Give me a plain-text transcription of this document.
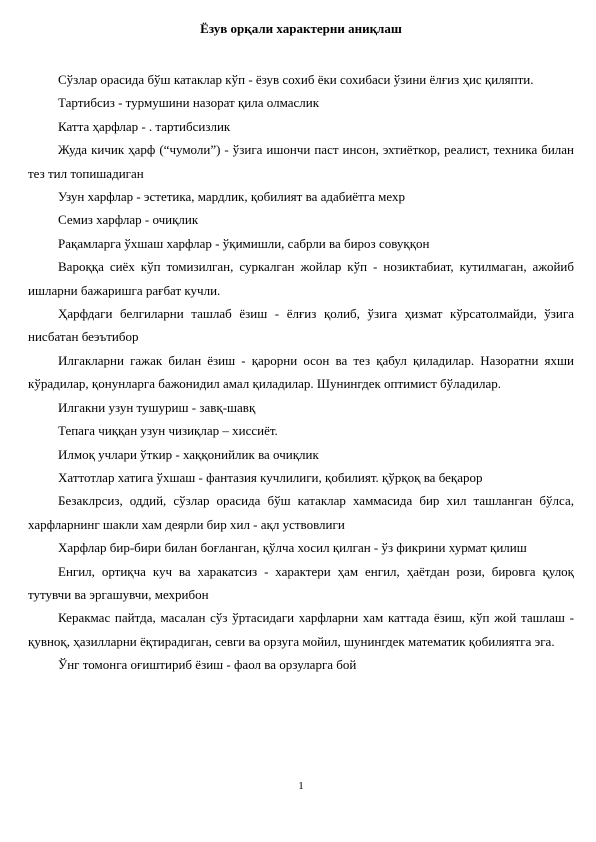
Ёзув орқали характерни аниқлаш

Сўзлар орасида бўш катаклар кўп - ёзув сохиб ёки сохибаси ўзини ёлғиз ҳис қиляпти.

Тартибсиз - турмушини назорат қила олмаслик

Катта ҳарфлар - . тартибсизлик

Жуда кичик ҳарф (“чумоли”) - ўзига ишончи паст инсон, эхтиёткор, реалист, техника билан тез тил топишадиган

Узун харфлар - эстетика, мардлик, қобилият ва адабиётга мехр

Семиз харфлар - очиқлик

Рақамларга ўхшаш харфлар - ўқимишли, сабрли ва бироз совуққон

Вароққа сиёх кўп томизилган, суркалган жойлар кўп - нозиктабиат, кутилмаган, ажойиб ишларни бажаришга рағбат кучли.

Ҳарфдаги белгиларни ташлаб ёзиш - ёлғиз қолиб, ўзига ҳизмат кўрсатолмайди, ўзига нисбатан беэътибор

Илгакларни гажак билан ёзиш - қарорни осон ва тез қабул қиладилар. Назоратни яхши кўрадилар, қонунларга бажонидил амал қиладилар. Шунингдек оптимист бўладилар.

Илгакни узун тушуриш - завқ-шавқ

Тепага чиққан узун чизиқлар – хиссиёт.

Илмоқ учлари ўткир - хаққонийлик ва очиқлик

Хаттотлар хатига ўхшаш - фантазия кучлилиги, қобилият. қўрқоқ ва беқарор

Безаклрсиз, оддий, сўзлар орасида бўш катаклар хаммасида бир хил ташланган бўлса, харфларнинг шакли хам деярли бир хил - ақл уствовлиги

Харфлар бир-бири билан боғланган, қўлча хосил қилган - ўз фикрини хурмат қилиш

Енгил, ортиқча куч ва харакатсиз - характери ҳам енгил, ҳаётдан рози, бировга қулоқ тутувчи ва эргашувчи, мехрибон

Керакмас пайтда, масалан сўз ўртасидаги харфларни хам каттада ёзиш, кўп жой ташлаш - қувноқ, ҳазилларни ёқтирадиган, севги ва орзуга мойил, шунингдек математик қобилиятга эга.

Ўнг томонга оғиштириб ёзиш - фаол ва орзуларга бой

1
